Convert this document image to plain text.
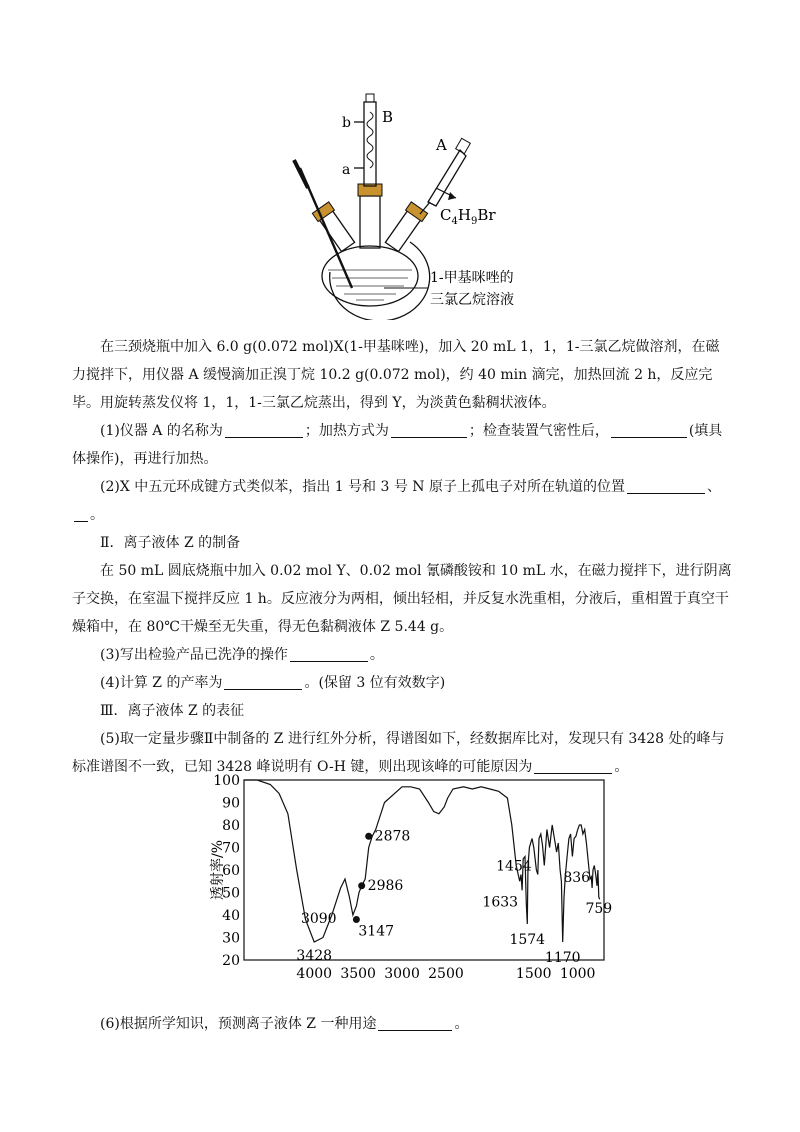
b B
a
A
$C_4H_9Br$
1-甲基咪唑的
三氯乙烷溶液

在三颈烧瓶中加入 6.0 g(0.072 mol)X(1-甲基咪唑)，加入 20 mL 1，1，1-三氯乙烷做溶剂，在磁力搅拌下，用仪器 A 缓慢滴加正溴丁烷 10.2 g(0.072 mol)，约 40 min 滴完，加热回流 2 h，反应完毕。用旋转蒸发仪将 1，1，1-三氯乙烷蒸出，得到 Y，为淡黄色黏稠状液体。

(1)仪器 A 的名称为	；加热方式为	；检查装置气密性后，	(填具体操作)，再进行加热。

(2)X 中五元环成键方式类似苯，指出 1 号和 3 号 N 原子上孤电子对所在轨道的位置	、。

Ⅱ．离子液体 Z 的制备

在 50 mL 圆底烧瓶中加入 0.02 mol Y、0.02 mol 氰磷酸铵和 10 mL 水，在磁力搅拌下，进行阴离子交换，在室温下搅拌反应 1 h。反应液分为两相，倾出轻相，并反复水洗重相，分液后，重相置于真空干燥箱中，在 80℃干燥至无失重，得无色黏稠液体 Z 5.44 g。

(3)写出检验产品已洗净的操作	。

(4)计算 Z 的产率为	。(保留 3 位有效数字)

Ⅲ．离子液体 Z 的表征

(5)取一定量步骤Ⅱ中制备的 Z 进行红外分析，得谱图如下，经数据库比对，发现只有 3428 处的峰与标准谱图不一致，已知 3428 峰说明有 O-H 键，则出现该峰的可能原因为	。

透射率/%
20
30
40
50
60
70
80
90
100
4000 3500 3000 2500	1500 1000
3428
3090
3147
2986
2878
1633
1574
1454
1170
836
759

(6)根据所学知识，预测离子液体 Z 一种用途	。
